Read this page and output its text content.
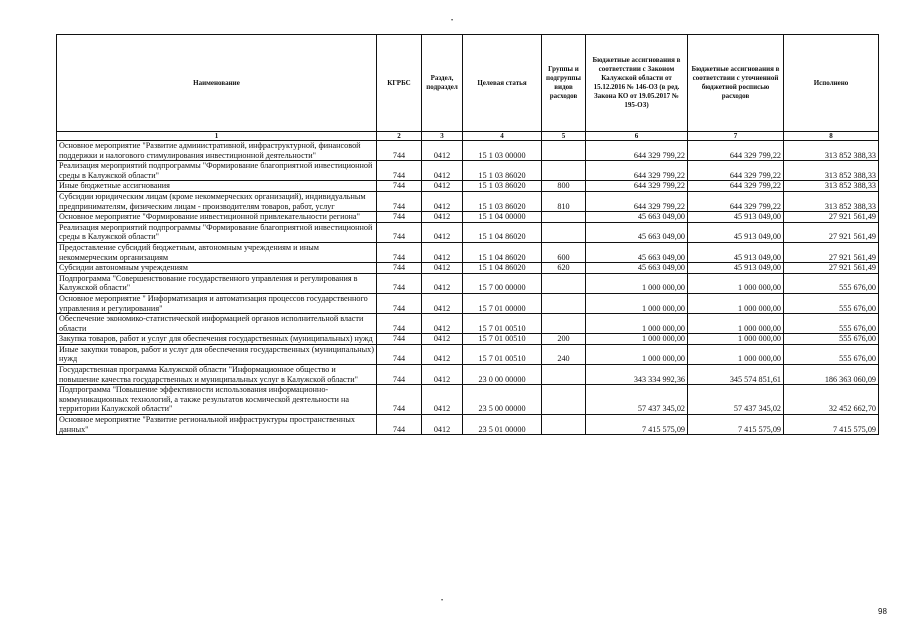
•
•
Наименование	КГРБС	Раздел, подраздел	Целевая статья	Группы и подгруппы видов расходов	Бюджетные ассигнования в соответствии с Законом Калужской области от 15.12.2016 № 146-ОЗ (в ред. Закона КО от 19.05.2017 № 195-ОЗ)	Бюджетные ассигнования в соответствии с уточненной бюджетной росписью расходов	Исполнено
1	2	3	4	5	6	7	8
Основное мероприятие "Развитие административной, инфраструктурной, финансовой поддержки и налогового стимулирования инвестиционной деятельности"	744	0412	15 1 03 00000		644 329 799,22	644 329 799,22	313 852 388,33
Реализация мероприятий подпрограммы "Формирование благоприятной инвестиционной среды в Калужской области"	744	0412	15 1 03 86020		644 329 799,22	644 329 799,22	313 852 388,33
Иные бюджетные ассигнования	744	0412	15 1 03 86020	800	644 329 799,22	644 329 799,22	313 852 388,33
Субсидии юридическим лицам (кроме некоммерческих организаций), индивидуальным предпринимателям, физическим лицам - производителям товаров, работ, услуг	744	0412	15 1 03 86020	810	644 329 799,22	644 329 799,22	313 852 388,33
Основное мероприятие "Формирование инвестиционной привлекательности региона"	744	0412	15 1 04 00000		45 663 049,00	45 913 049,00	27 921 561,49
Реализация мероприятий подпрограммы "Формирование благоприятной инвестиционной среды в Калужской области"	744	0412	15 1 04 86020		45 663 049,00	45 913 049,00	27 921 561,49
Предоставление субсидий бюджетным, автономным учреждениям и иным некоммерческим организациям	744	0412	15 1 04 86020	600	45 663 049,00	45 913 049,00	27 921 561,49
Субсидии автономным учреждениям	744	0412	15 1 04 86020	620	45 663 049,00	45 913 049,00	27 921 561,49
Подпрограмма "Совершенствование государственного управления и регулирования в Калужской области"	744	0412	15 7 00 00000		1 000 000,00	1 000 000,00	555 676,00
Основное мероприятие " Информатизация и автоматизация процессов государственного управления и регулирования"	744	0412	15 7 01 00000		1 000 000,00	1 000 000,00	555 676,00
Обеспечение экономико-статистической информацией органов исполнительной власти области	744	0412	15 7 01 00510		1 000 000,00	1 000 000,00	555 676,00
Закупка товаров, работ и услуг для обеспечения государственных (муниципальных) нужд	744	0412	15 7 01 00510	200	1 000 000,00	1 000 000,00	555 676,00
Иные закупки товаров, работ и услуг для обеспечения государственных (муниципальных) нужд	744	0412	15 7 01 00510	240	1 000 000,00	1 000 000,00	555 676,00
Государственная программа Калужской области "Информационное общество и повышение качества государственных и муниципальных услуг в Калужской области"	744	0412	23 0 00 00000		343 334 992,36	345 574 851,61	186 363 060,09
Подпрограмма "Повышение эффективности использования информационно-коммуникационных технологий, а также результатов космической деятельности на территории Калужской области"	744	0412	23 5 00 00000		57 437 345,02	57 437 345,02	32 452 662,70
Основное мероприятие "Развитие региональной инфраструктуры пространственных данных"	744	0412	23 5 01 00000		7 415 575,09	7 415 575,09	7 415 575,09
98
